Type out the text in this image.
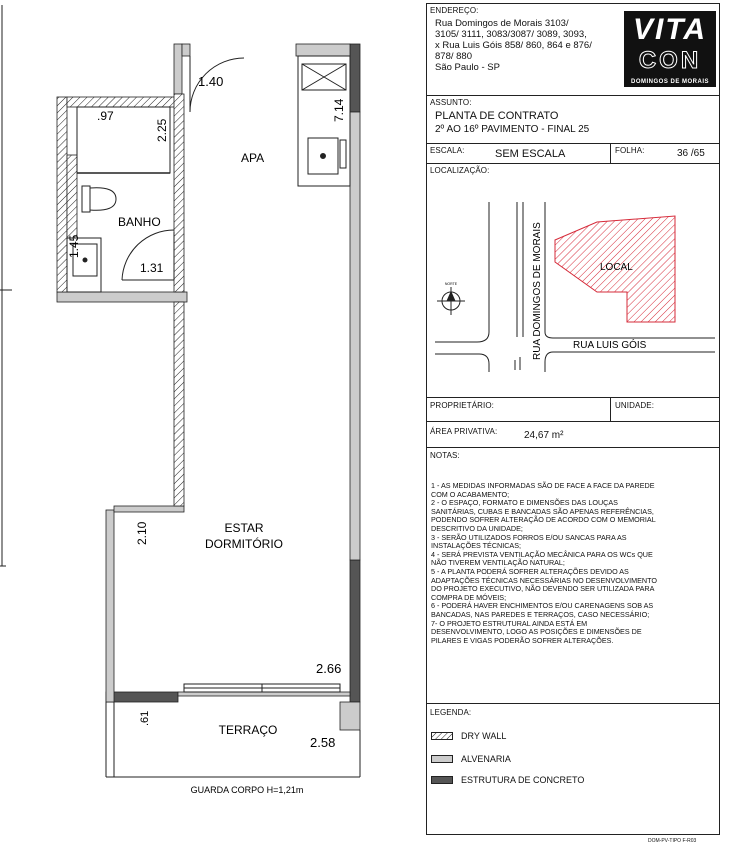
1.40
.97
2.25
7.14
1.45
1.31
2.10
2.66
.61
2.58
APA
BANHO
ESTAR
DORMITÓRIO
TERRAÇO
GUARDA CORPO H=1,21m
ENDEREÇO:
Rua Domingos de Morais 3103/
3105/ 3111, 3083/3087/ 3089, 3093,
x Rua Luis Góis 858/ 860, 864 e 876/
878/ 880
São Paulo - SP
VITA
CON
DOMINGOS DE MORAIS
ASSUNTO:
PLANTA DE CONTRATO
2º AO 16º PAVIMENTO - FINAL 25
ESCALA:	SEM ESCALA	FOLHA:	36 /65
LOCALIZAÇÃO:
LOCAL
RUA DOMINGOS DE MORAIS	RUA LUIS GÓIS
NORTE
PROPRIETÁRIO:	UNIDADE:
ÁREA PRIVATIVA:	24,67 m²
NOTAS:
1 - AS MEDIDAS INFORMADAS SÃO DE FACE A FACE DA PAREDE
COM O ACABAMENTO;
2 - O ESPAÇO, FORMATO E DIMENSÕES DAS LOUÇAS
SANITÁRIAS, CUBAS E BANCADAS SÃO APENAS REFERÊNCIAS,
PODENDO SOFRER ALTERAÇÃO DE ACORDO COM O MEMORIAL
DESCRITIVO DA UNIDADE;
3 - SERÃO UTILIZADOS FORROS E/OU SANCAS PARA AS
INSTALAÇÕES TÉCNICAS;
4 - SERÁ PREVISTA VENTILAÇÃO MECÂNICA PARA OS WCs QUE
NÃO TIVEREM VENTILAÇÃO NATURAL;
5 - A PLANTA PODERÁ SOFRER ALTERAÇÕES DEVIDO AS
ADAPTAÇÕES TÉCNICAS NECESSÁRIAS NO DESENVOLVIMENTO
DO PROJETO EXECUTIVO, NÃO DEVENDO SER UTILIZADA PARA
COMPRA DE MÓVEIS;
6 - PODERÁ HAVER ENCHIMENTOS E/OU CARENAGENS SOB AS
BANCADAS, NAS PAREDES E TERRAÇOS, CASO NECESSÁRIO;
7- O PROJETO ESTRUTURAL AINDA ESTÁ EM
DESENVOLVIMENTO, LOGO AS POSIÇÕES E DIMENSÕES DE
PILARES E VIGAS PODERÃO SOFRER ALTERAÇÕES.
LEGENDA:
DRY WALL
ALVENARIA
ESTRUTURA DE CONCRETO
DOM-PV-TIPO F-R03
